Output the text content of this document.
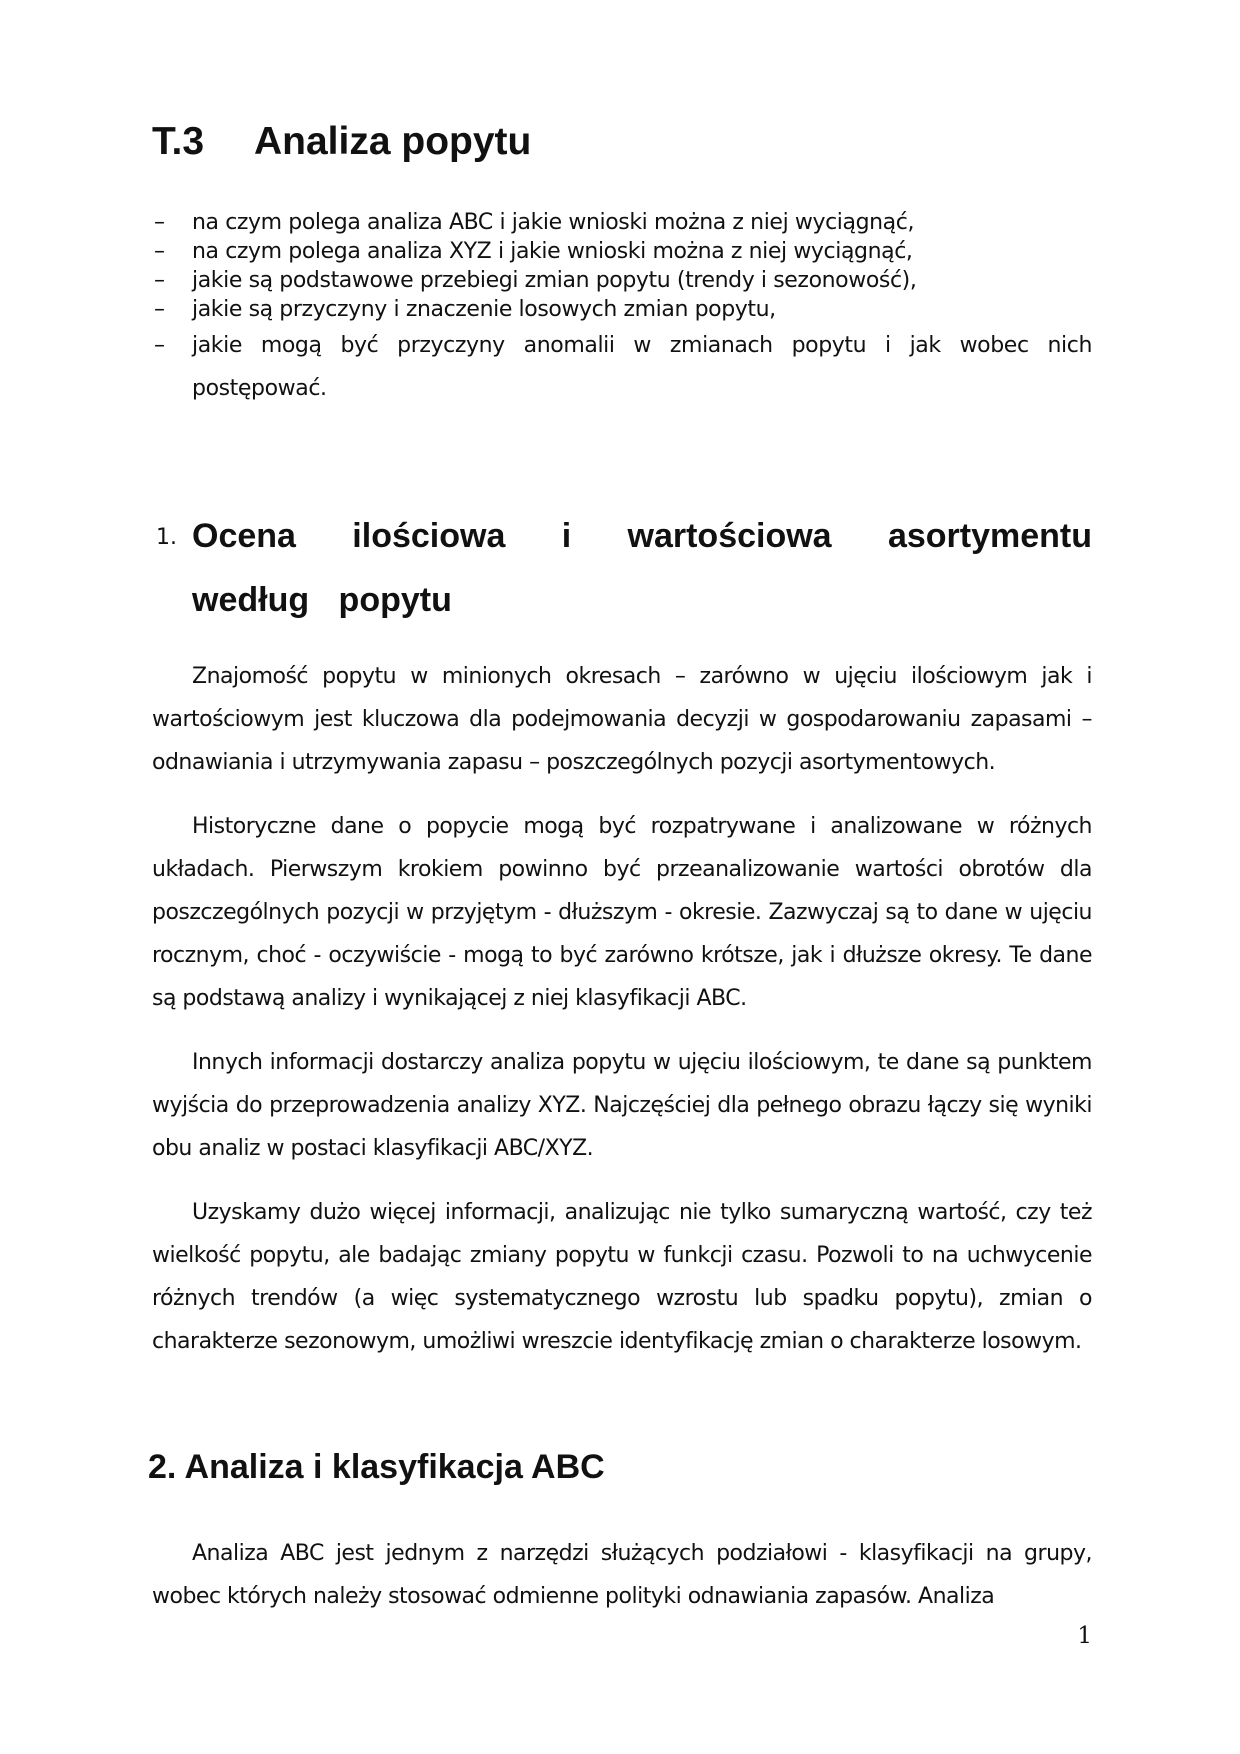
T.3 Analiza popytu
– na czym polega analiza ABC i jakie wnioski można z niej wyciągnąć,
– na czym polega analiza XYZ i jakie wnioski można z niej wyciągnąć,
– jakie są podstawowe przebiegi zmian popytu (trendy i sezonowość),
– jakie są przyczyny i znaczenie losowych zmian popytu,
– jakie mogą być przyczyny anomalii w zmianach popytu i jak wobec nich postępować.
1. Ocena ilościowa i wartościowa asortymentu
według popytu

Znajomość popytu w minionych okresach – zarówno w ujęciu ilościowym jak i wartościowym jest kluczowa dla podejmowania decyzji w gospodarowaniu zapasami – odnawiania i utrzymywania zapasu – poszczególnych pozycji asortymentowych.

Historyczne dane o popycie mogą być rozpatrywane i analizowane w różnych układach. Pierwszym krokiem powinno być przeanalizowanie wartości obrotów dla poszczególnych pozycji w przyjętym - dłuższym - okresie. Zazwyczaj są to dane w ujęciu rocznym, choć - oczywiście - mogą to być zarówno krótsze, jak i dłuższe okresy. Te dane są podstawą analizy i wynikającej z niej klasyfikacji ABC.

Innych informacji dostarczy analiza popytu w ujęciu ilościowym, te dane są punktem wyjścia do przeprowadzenia analizy XYZ. Najczęściej dla pełnego obrazu łączy się wyniki obu analiz w postaci klasyfikacji ABC/XYZ.

Uzyskamy dużo więcej informacji, analizując nie tylko sumaryczną wartość, czy też wielkość popytu, ale badając zmiany popytu w funkcji czasu. Pozwoli to na uchwycenie różnych trendów (a więc systematycznego wzrostu lub spadku popytu), zmian o charakterze sezonowym, umożliwi wreszcie identyfikację zmian o charakterze losowym.

2. Analiza i klasyfikacja ABC

Analiza ABC jest jednym z narzędzi służących podziałowi - klasyfikacji na grupy, wobec których należy stosować odmienne polityki odnawiania zapasów. Analiza

1
